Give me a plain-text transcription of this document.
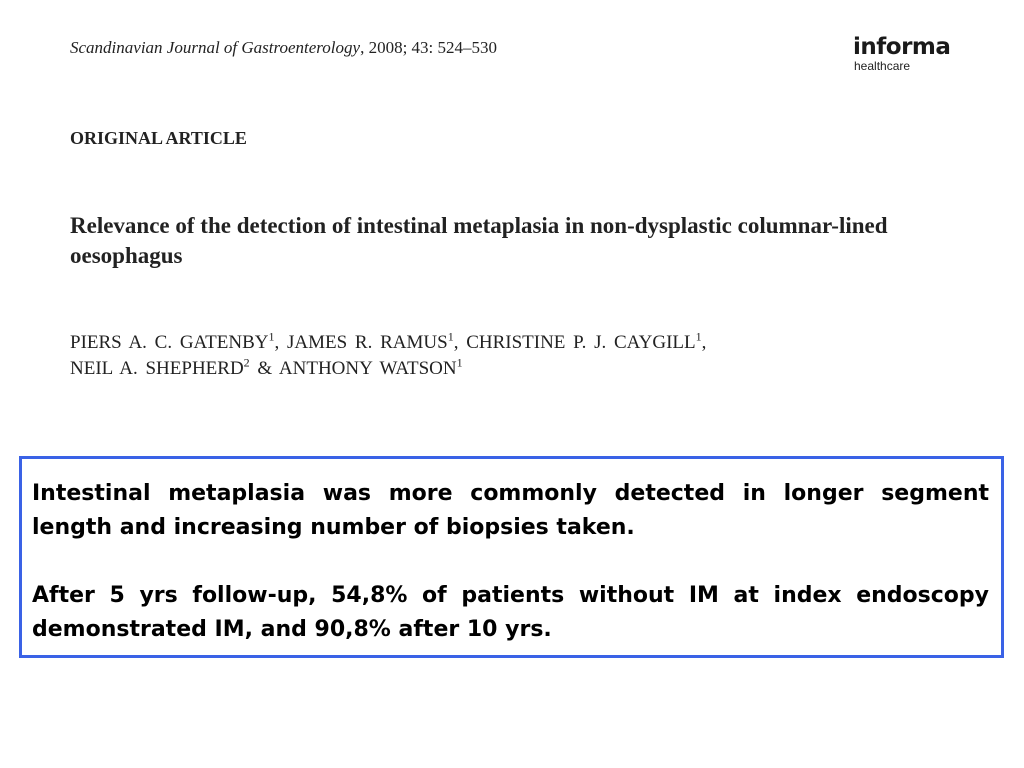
Scandinavian Journal of Gastroenterology, 2008; 43: 524–530	informa
healthcare
ORIGINAL ARTICLE
Relevance of the detection of intestinal metaplasia in non-dysplastic columnar-lined oesophagus
PIERS A. C. GATENBY$^1$, JAMES R. RAMUS$^1$, CHRISTINE P. J. CAYGILL$^1$,
NEIL A. SHEPHERD$^2$ & ANTHONY WATSON$^1$

Intestinal metaplasia was more commonly detected in longer segment length and increasing number of biopsies taken.

After 5 yrs follow-up, 54,8% of patients without IM at index endoscopy demonstrated IM, and 90,8% after 10 yrs.
